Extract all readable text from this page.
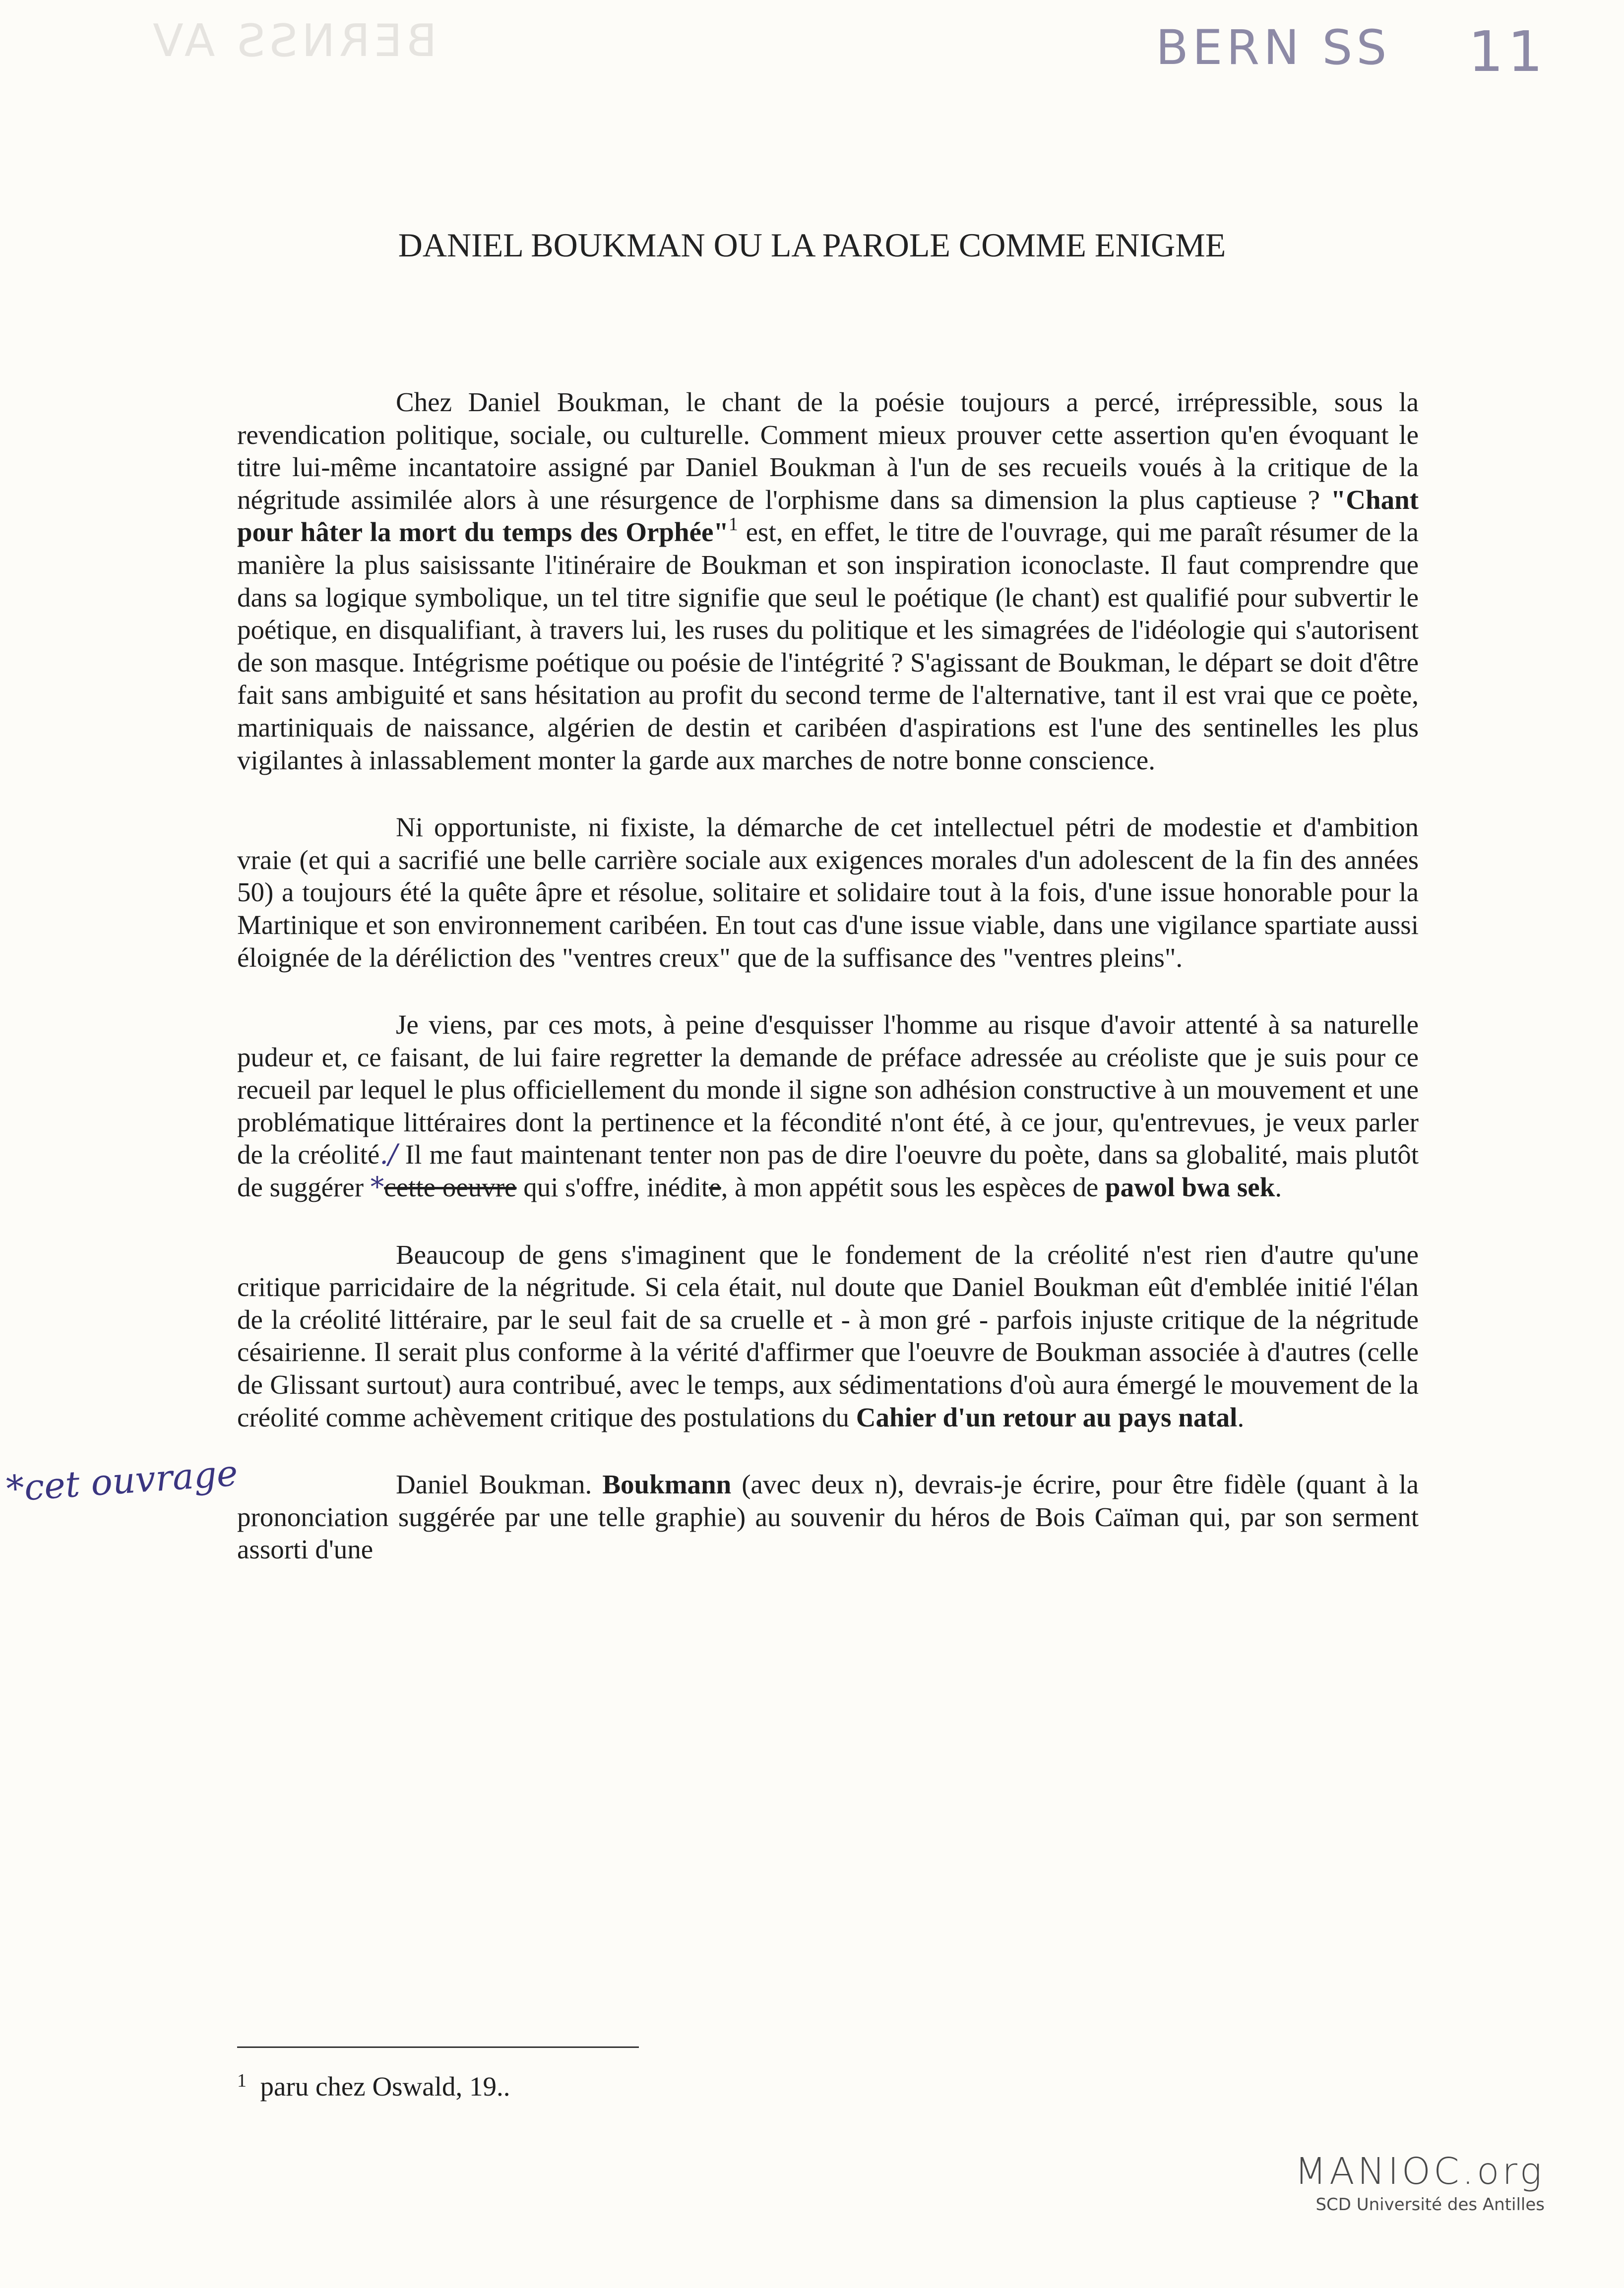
BERNSS AV	BERN SS 11
DANIEL BOUKMAN OU LA PAROLE COMME ENIGME

Chez Daniel Boukman, le chant de la poésie toujours a percé, irrépressible, sous la revendication politique, sociale, ou culturelle. Comment mieux prouver cette assertion qu'en évoquant le titre lui-même incantatoire assigné par Daniel Boukman à l'un de ses recueils voués à la critique de la négritude assimilée alors à une résurgence de l'orphisme dans sa dimension la plus captieuse ? "Chant pour hâter la mort du temps des Orphée"$^1$ est, en effet, le titre de l'ouvrage, qui me paraît résumer de la manière la plus saisissante l'itinéraire de Boukman et son inspiration iconoclaste. Il faut comprendre que dans sa logique symbolique, un tel titre signifie que seul le poétique (le chant) est qualifié pour subvertir le poétique, en disqualifiant, à travers lui, les ruses du politique et les simagrées de l'idéologie qui s'autorisent de son masque. Intégrisme poétique ou poésie de l'intégrité ? S'agissant de Boukman, le départ se doit d'être fait sans ambiguité et sans hésitation au profit du second terme de l'alternative, tant il est vrai que ce poète, martiniquais de naissance, algérien de destin et caribéen d'aspirations est l'une des sentinelles les plus vigilantes à inlassablement monter la garde aux marches de notre bonne conscience.

Ni opportuniste, ni fixiste, la démarche de cet intellectuel pétri de modestie et d'ambition vraie (et qui a sacrifié une belle carrière sociale aux exigences morales d'un adolescent de la fin des années 50) a toujours été la quête âpre et résolue, solitaire et solidaire tout à la fois, d'une issue honorable pour la Martinique et son environnement caribéen. En tout cas d'une issue viable, dans une vigilance spartiate aussi éloignée de la déréliction des "ventres creux" que de la suffisance des "ventres pleins".

Je viens, par ces mots, à peine d'esquisser l'homme au risque d'avoir attenté à sa naturelle pudeur et, ce faisant, de lui faire regretter la demande de préface adressée au créoliste que je suis pour ce recueil par lequel le plus officiellement du monde il signe son adhésion constructive à un mouvement et une problématique littéraires dont la pertinence et la fécondité n'ont été, à ce jour, qu'entrevues, je veux parler de la créolité./ Il me faut maintenant tenter non pas de dire l'oeuvre du poète, dans sa globalité, mais plutôt de suggérer *cette oeuvre qui s'offre, inédite, à mon appétit sous les espèces de pawol bwa sek.

Beaucoup de gens s'imaginent que le fondement de la créolité n'est rien d'autre qu'une critique parricidaire de la négritude. Si cela était, nul doute que Daniel Boukman eût d'emblée initié l'élan de la créolité littéraire, par le seul fait de sa cruelle et - à mon gré - parfois injuste critique de la négritude césairienne. Il serait plus conforme à la vérité d'affirmer que l'oeuvre de Boukman associée à d'autres (celle de Glissant surtout) aura contribué, avec le temps, aux sédimentations d'où aura émergé le mouvement de la créolité comme achèvement critique des postulations du Cahier d'un retour au pays natal.

Daniel Boukman. Boukmann (avec deux n), devrais-je écrire, pour être fidèle (quant à la prononciation suggérée par une telle graphie) au souvenir du héros de Bois Caïman qui, par son serment assorti d'une

*cet ouvrage
$^1$ paru chez Oswald, 19..
MANIOC.org
SCD Université des Antilles
